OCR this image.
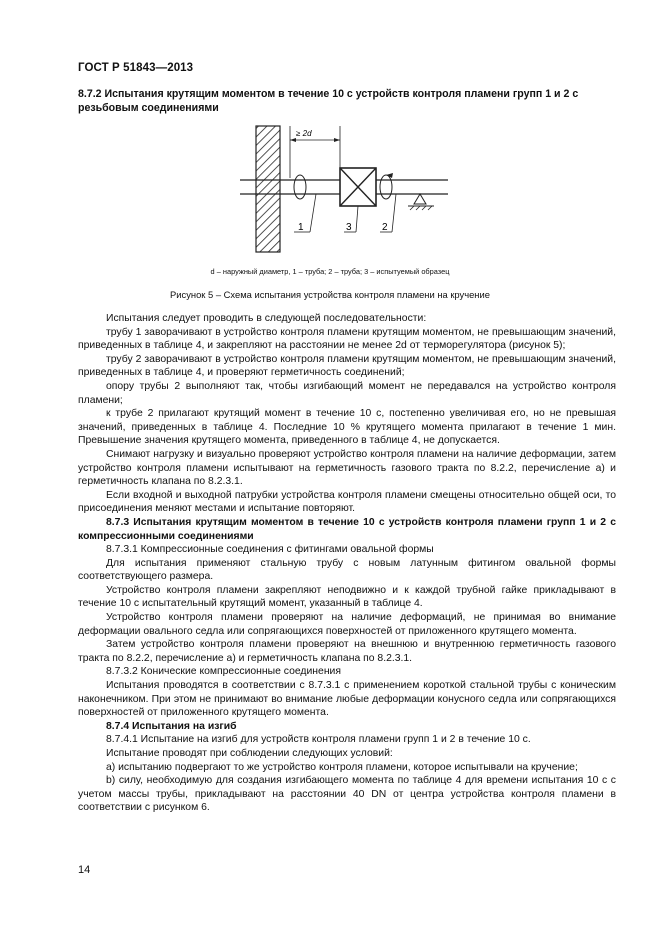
ГОСТ Р 51843—2013
8.7.2 Испытания крутящим моментом в течение 10 с устройств контроля пламени групп 1 и 2 с резьбовым соединениями
≥ 2d
1	3	2
d – наружный диаметр, 1 – труба; 2 – труба; 3 – испытуемый образец
Рисунок 5 – Схема испытания устройства контроля пламени на кручение

Испытания следует проводить в следующей последовательности:

трубу 1 заворачивают в устройство контроля пламени крутящим моментом, не превышающим значений, приведенных в таблице 4, и закрепляют на расстоянии не менее 2d от терморегулятора (рисунок 5);

трубу 2 заворачивают в устройство контроля пламени крутящим моментом, не превышающим значений, приведенных в таблице 4, и проверяют герметичность соединений;

опору трубы 2 выполняют так, чтобы изгибающий момент не передавался на устройство контроля пламени;

к трубе 2 прилагают крутящий момент в течение 10 с, постепенно увеличивая его, но не превышая значений, приведенных в таблице 4. Последние 10 % крутящего момента прилагают в течение 1 мин. Превышение значения крутящего момента, приведенного в таблице 4, не допускается.

Снимают нагрузку и визуально проверяют устройство контроля пламени на наличие деформации, затем устройство контроля пламени испытывают на герметичность газового тракта по 8.2.2, перечисление а) и герметичность клапана по 8.2.3.1.

Если входной и выходной патрубки устройства контроля пламени смещены относительно общей оси, то присоединения меняют местами и испытание повторяют.

8.7.3 Испытания крутящим моментом в течение 10 с устройств контроля пламени групп 1 и 2 с компрессионными соединениями

8.7.3.1 Компрессионные соединения с фитингами овальной формы

Для испытания применяют стальную трубу с новым латунным фитингом овальной формы соответствующего размера.

Устройство контроля пламени закрепляют неподвижно и к каждой трубной гайке прикладывают в течение 10 с испытательный крутящий момент, указанный в таблице 4.

Устройство контроля пламени проверяют на наличие деформаций, не принимая во внимание деформации овального седла или сопрягающихся поверхностей от приложенного крутящего момента.

Затем устройство контроля пламени проверяют на внешнюю и внутреннюю герметичность газового тракта по 8.2.2, перечисление а) и герметичность клапана по 8.2.3.1.

8.7.3.2 Конические компрессионные соединения

Испытания проводятся в соответствии с 8.7.3.1 с применением короткой стальной трубы с коническим наконечником. При этом не принимают во внимание любые деформации конусного седла или сопрягающихся поверхностей от приложенного крутящего момента.

8.7.4 Испытания на изгиб

8.7.4.1 Испытание на изгиб для устройств контроля пламени групп 1 и 2 в течение 10 с.

Испытание проводят при соблюдении следующих условий:

а) испытанию подвергают то же устройство контроля пламени, которое испытывали на кручение;

b) силу, необходимую для создания изгибающего момента по таблице 4 для времени испытания 10 с с учетом массы трубы, прикладывают на расстоянии 40 DN от центра устройства контроля пламени в соответствии с рисунком 6.

14
